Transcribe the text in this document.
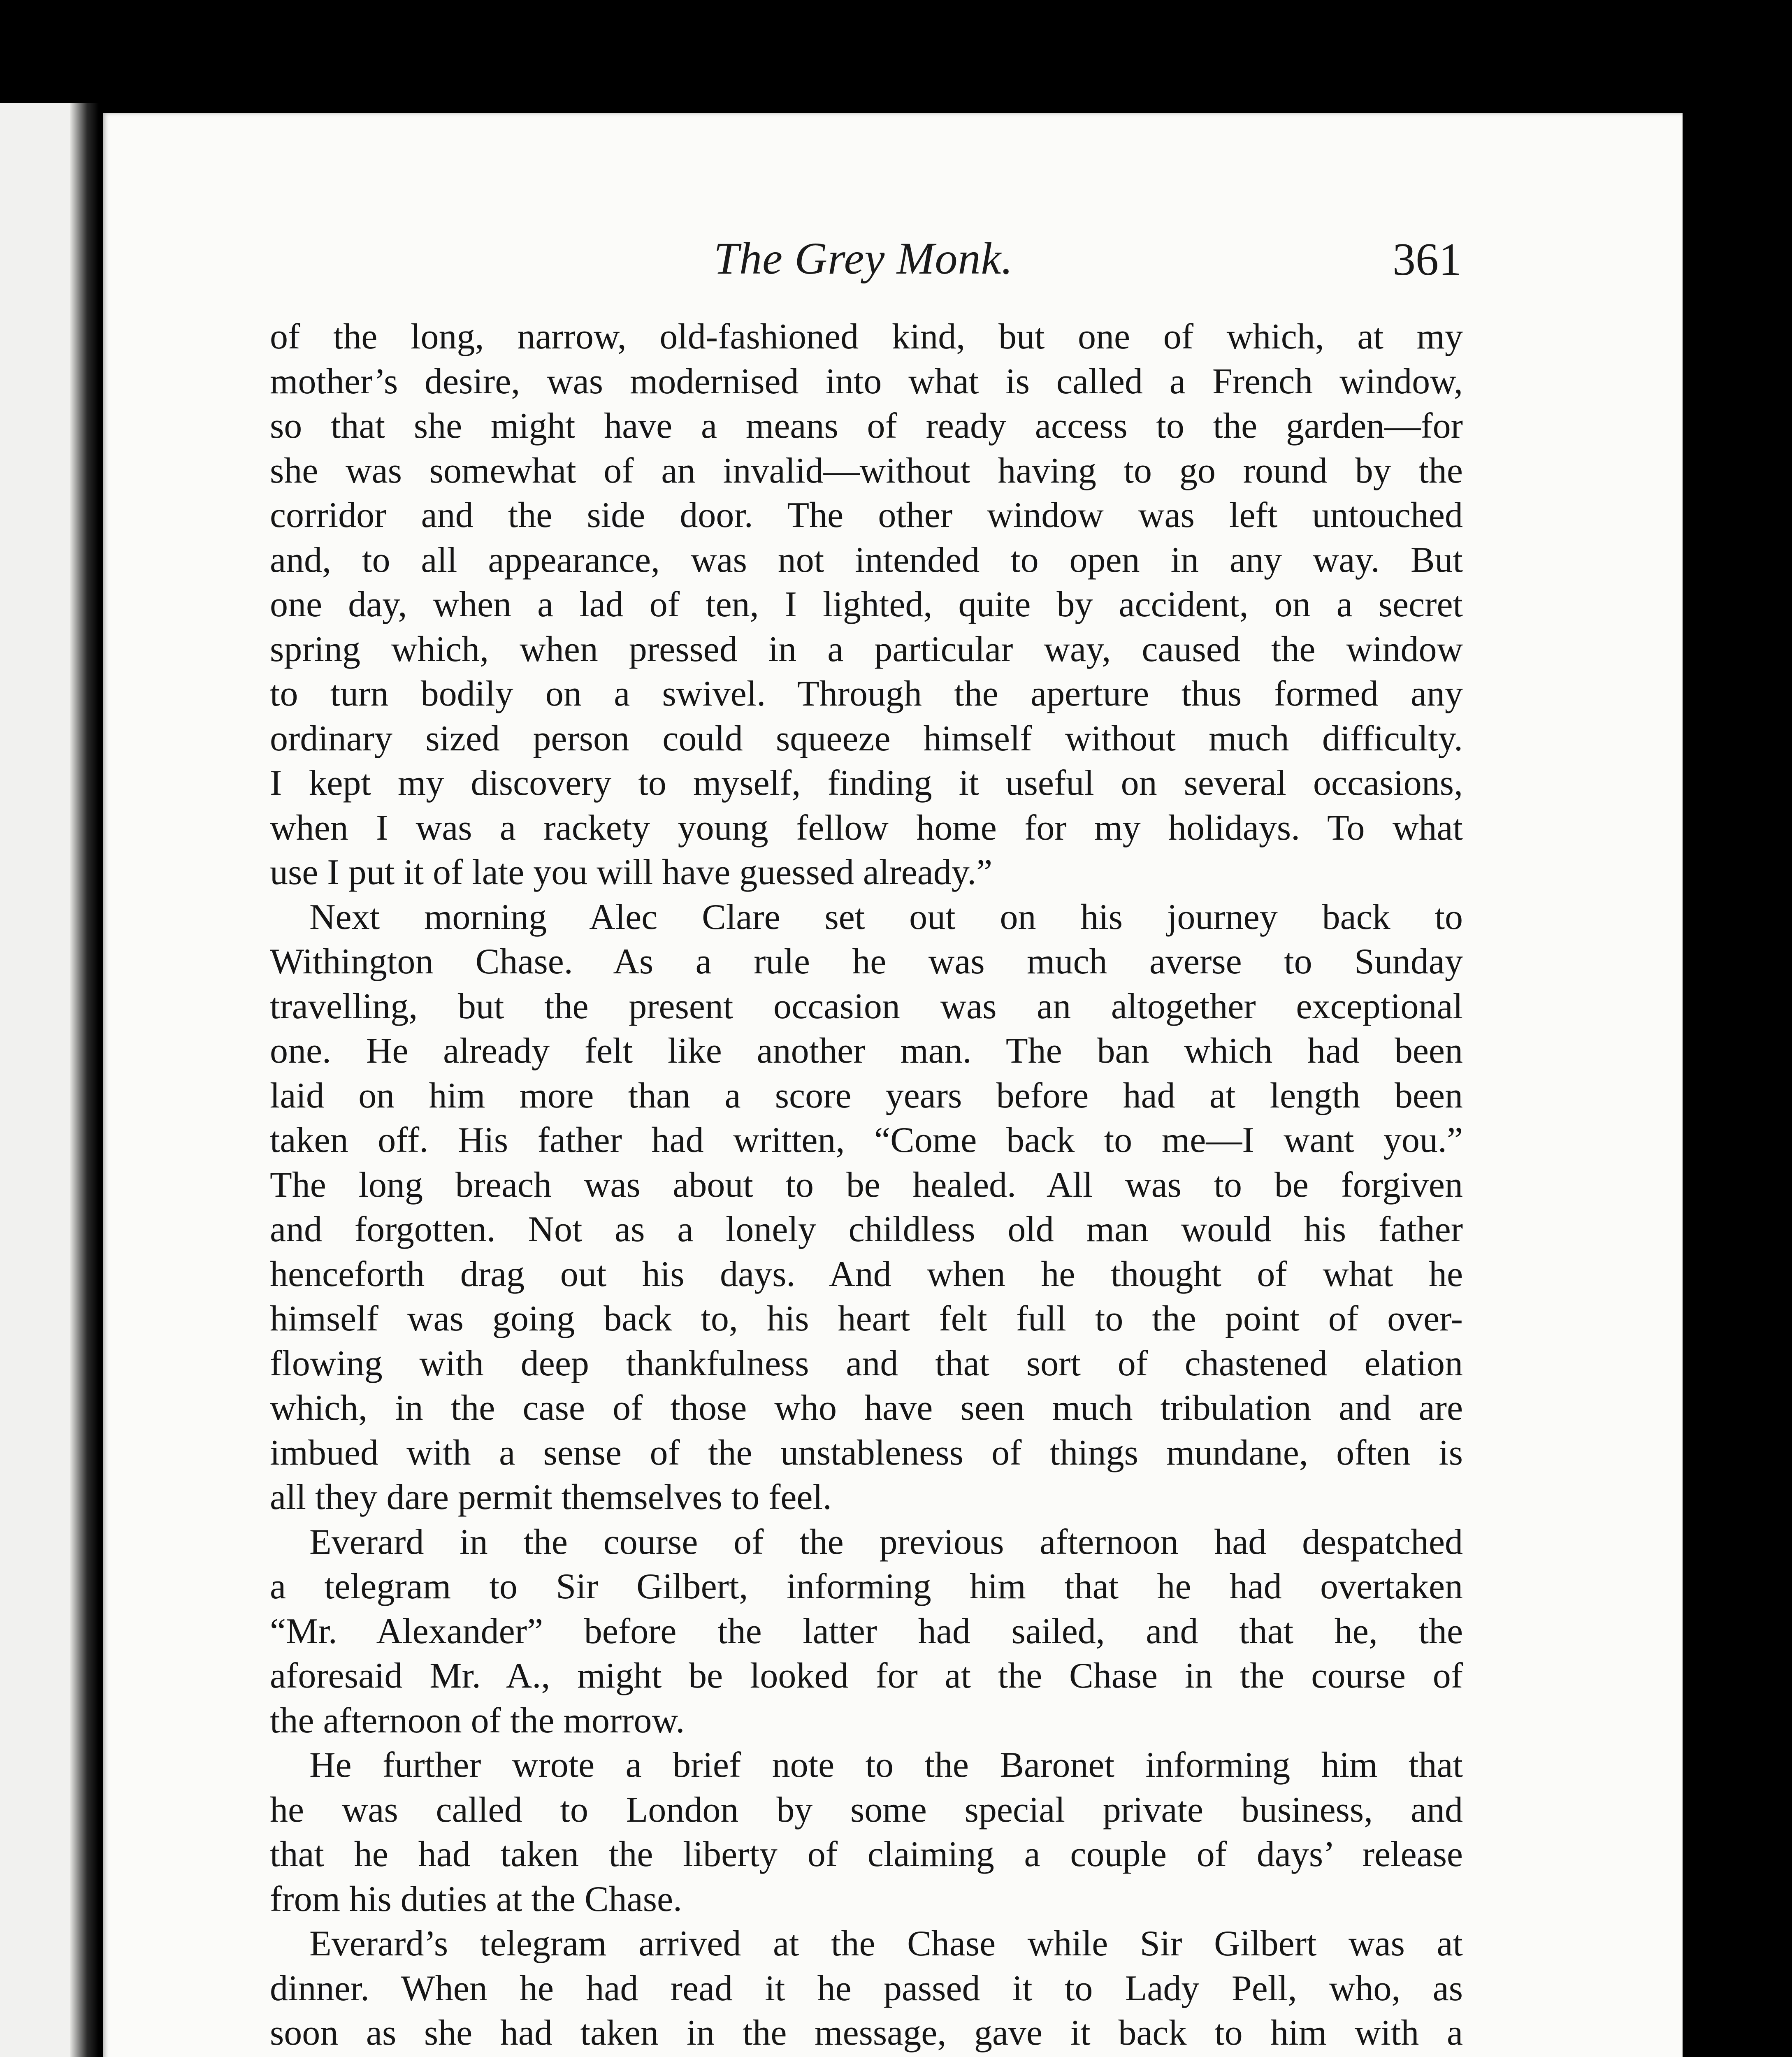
The Grey Monk.	361
of the long, narrow, old-fashioned kind, but one of which, at my
mother’s desire, was modernised into what is called a French window,
so that she might have a means of ready access to the garden—for
she was somewhat of an invalid—without having to go round by the
corridor and the side door. The other window was left untouched
and, to all appearance, was not intended to open in any way. But
one day, when a lad of ten, I lighted, quite by accident, on a secret
spring which, when pressed in a particular way, caused the window
to turn bodily on a swivel. Through the aperture thus formed any
ordinary sized person could squeeze himself without much difficulty.
I kept my discovery to myself, finding it useful on several occasions,
when I was a rackety young fellow home for my holidays. To what
use I put it of late you will have guessed already.”
Next morning Alec Clare set out on his journey back to
Withington Chase. As a rule he was much averse to Sunday
travelling, but the present occasion was an altogether exceptional
one. He already felt like another man. The ban which had been
laid on him more than a score years before had at length been
taken off. His father had written, “Come back to me—I want you.”
The long breach was about to be healed. All was to be forgiven
and forgotten. Not as a lonely childless old man would his father
henceforth drag out his days. And when he thought of what he
himself was going back to, his heart felt full to the point of over-
flowing with deep thankfulness and that sort of chastened elation
which, in the case of those who have seen much tribulation and are
imbued with a sense of the unstableness of things mundane, often is
all they dare permit themselves to feel.
Everard in the course of the previous afternoon had despatched
a telegram to Sir Gilbert, informing him that he had overtaken
“Mr. Alexander” before the latter had sailed, and that he, the
aforesaid Mr. A., might be looked for at the Chase in the course of
the afternoon of the morrow.
He further wrote a brief note to the Baronet informing him that
he was called to London by some special private business, and
that he had taken the liberty of claiming a couple of days’ release
from his duties at the Chase.
Everard’s telegram arrived at the Chase while Sir Gilbert was at
dinner. When he had read it he passed it to Lady Pell, who, as
soon as she had taken in the message, gave it back to him with a
